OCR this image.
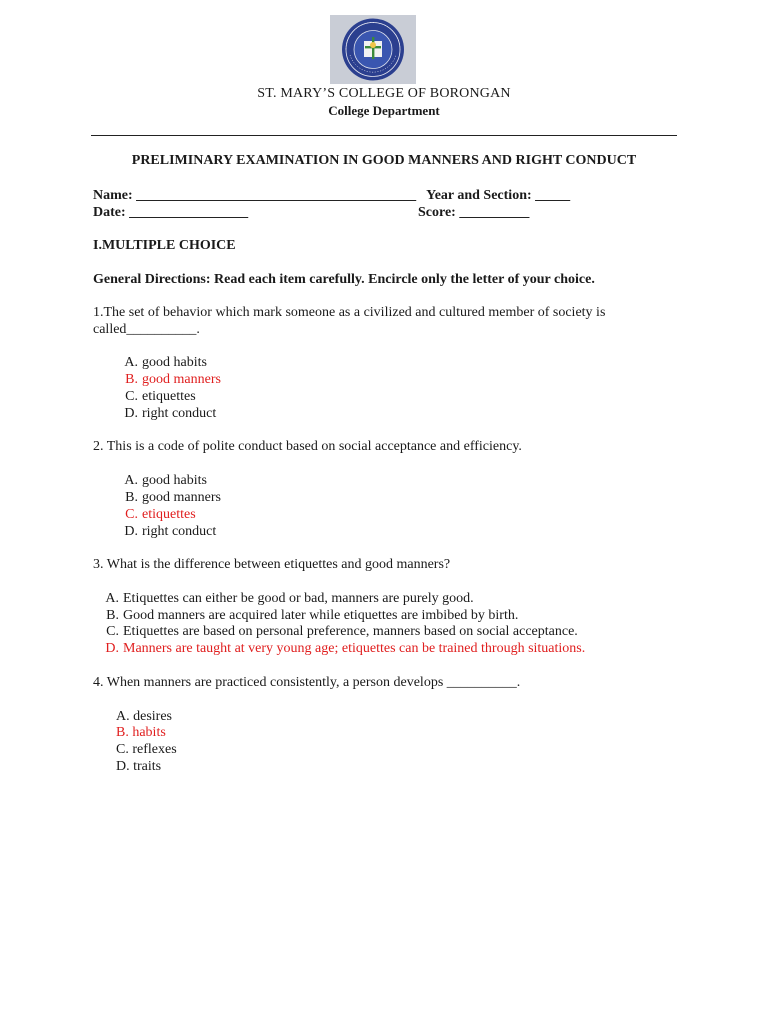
ST. MARY’S COLLEGE OF BORONGAN
College Department
PRELIMINARY EXAMINATION IN GOOD MANNERS AND RIGHT CONDUCT
Name: ________________________________________   Year and Section: _____
Date: _________________	Score: __________
I.MULTIPLE CHOICE
General Directions: Read each item carefully. Encircle only the letter of your choice.
1.The set of behavior which mark someone as a civilized and cultured member of society is
called__________.
A. good habits
B. good manners
C. etiquettes
D. right conduct
2. This is a code of polite conduct based on social acceptance and efficiency.
A. good habits
B. good manners
C. etiquettes
D. right conduct
3. What is the difference between etiquettes and good manners?
A. Etiquettes can either be good or bad, manners are purely good.
B. Good manners are acquired later while etiquettes are imbibed by birth.
C. Etiquettes are based on personal preference, manners based on social acceptance.
D. Manners are taught at very young age; etiquettes can be trained through situations.
4. When manners are practiced consistently, a person develops __________.
A. desires
B. habits
C. reflexes
D. traits
